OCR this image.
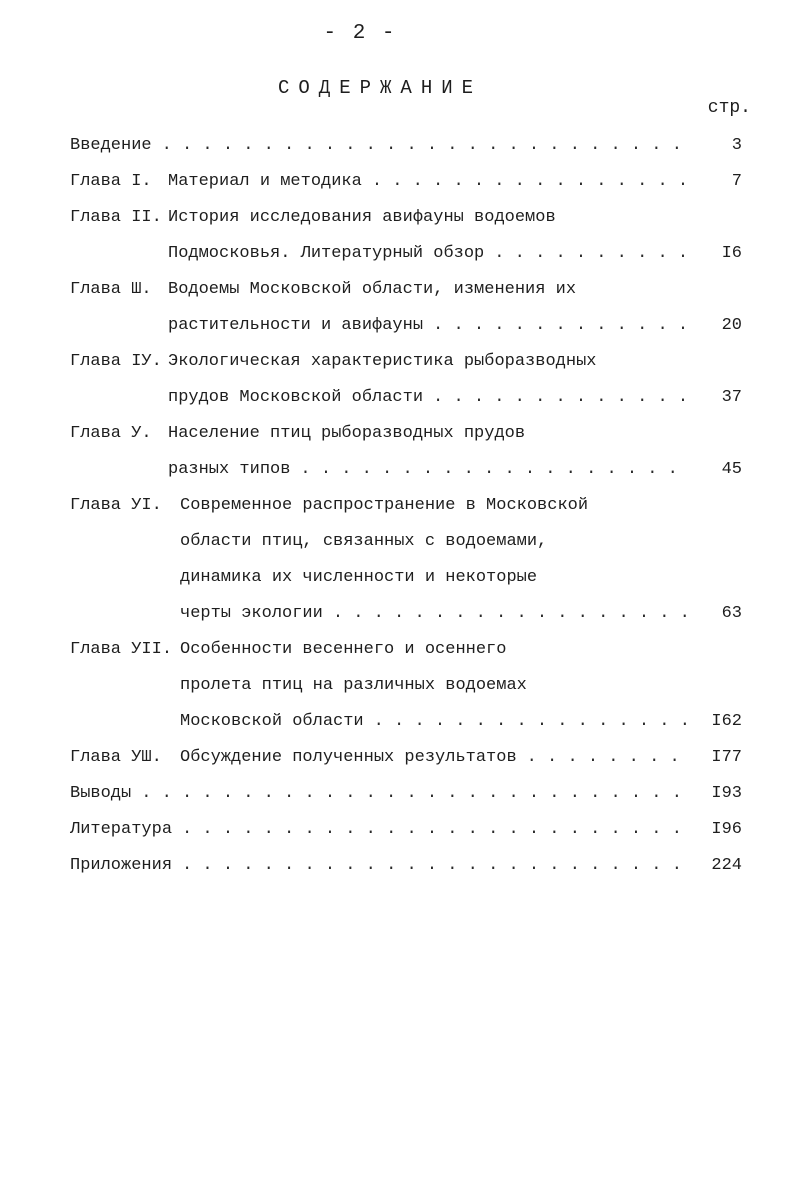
- 2 -
СОДЕРЖАНИЕ
стр.
Введение . . .	3
Глава I. Материал и методика . . .	7
Глава II. История исследования авифауны водоемов
Подмосковья. Литературный обзор . . .	I6
Глава Ш. Водоемы Московской области, изменения их
растительности и авифауны . . .	20
Глава IУ. Экологическая характеристика рыборазводных
прудов Московской области . . .	37
Глава У. Население птиц рыборазводных прудов
разных типов . . .	45
Глава УI.	Современное распространение в Московской
области птиц, связанных с водоемами,
динамика их численности и некоторые
черты экологии . . .	63
Глава УII. Особенности весеннего и осеннего
пролета птиц на различных водоемах
Московской области . . .	I62
Глава УШ.	Обсуждение полученных результатов . . .	I77
Выводы . . .	I93
Литература . . .	I96
Приложения . . .	224
